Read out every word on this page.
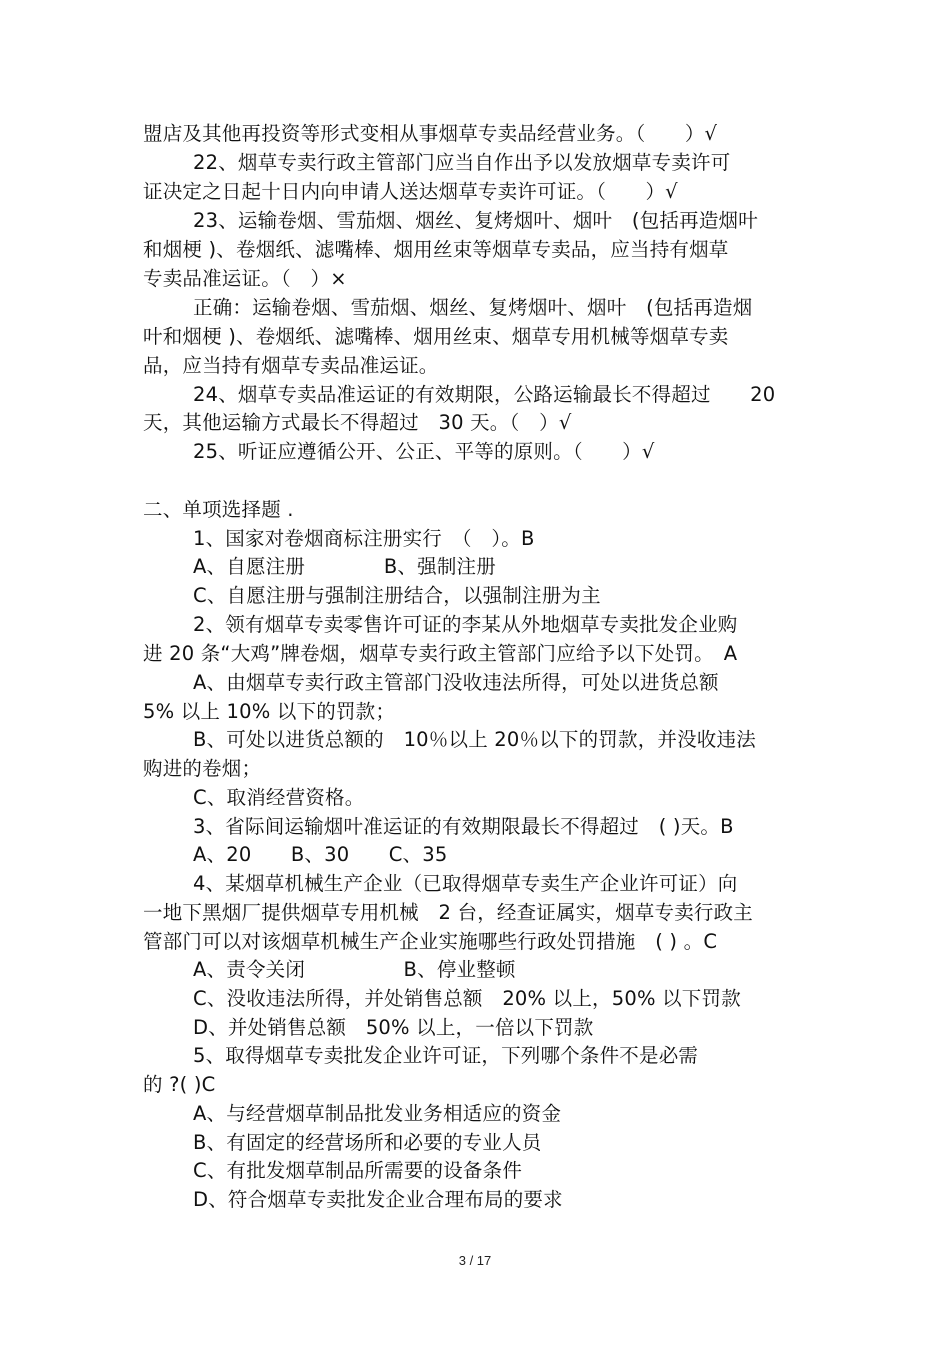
盟店及其他再投资等形式变相从事烟草专卖品经营业务。（　　）√
22、烟草专卖行政主管部门应当自作出予以发放烟草专卖许可
证决定之日起十日内向申请人送达烟草专卖许可证。（　　）√
23、运输卷烟、雪茄烟、烟丝、复烤烟叶、烟叶　(包括再造烟叶
和烟梗 )、卷烟纸、滤嘴棒、烟用丝束等烟草专卖品，应当持有烟草
专卖品准运证。（　）×
正确：运输卷烟、雪茄烟、烟丝、复烤烟叶、烟叶　(包括再造烟
叶和烟梗 )、卷烟纸、滤嘴棒、烟用丝束、烟草专用机械等烟草专卖
品，应当持有烟草专卖品准运证。
24、烟草专卖品准运证的有效期限，公路运输最长不得超过　　20
天，其他运输方式最长不得超过　30 天。（　）√
25、听证应遵循公开、公正、平等的原则。（　　）√
二、单项选择题 .
1、国家对卷烟商标注册实行　（　）。B
A、自愿注册　　　　B、强制注册
C、自愿注册与强制注册结合，以强制注册为主
2、领有烟草专卖零售许可证的李某从外地烟草专卖批发企业购
进 20 条“大鸡”牌卷烟，烟草专卖行政主管部门应给予以下处罚。　A
A、由烟草专卖行政主管部门没收违法所得，可处以进货总额
5% 以上 10% 以下的罚款；
B、可处以进货总额的　10％以上 20％以下的罚款，并没收违法
购进的卷烟；
C、取消经营资格。
3、省际间运输烟叶准运证的有效期限最长不得超过　( )天。B
A、20　　B、30　　C、35
4、某烟草机械生产企业（已取得烟草专卖生产企业许可证）向
一地下黑烟厂提供烟草专用机械　2 台，经查证属实，烟草专卖行政主
管部门可以对该烟草机械生产企业实施哪些行政处罚措施　( ) 。C
A、责令关闭　　　　　B、停业整顿
C、没收违法所得，并处销售总额　20% 以上，50% 以下罚款
D、并处销售总额　50% 以上，一倍以下罚款
5、取得烟草专卖批发企业许可证，下列哪个条件不是必需
的 ?( )C
A、与经营烟草制品批发业务相适应的资金
B、有固定的经营场所和必要的专业人员
C、有批发烟草制品所需要的设备条件
D、符合烟草专卖批发企业合理布局的要求
3 / 17
